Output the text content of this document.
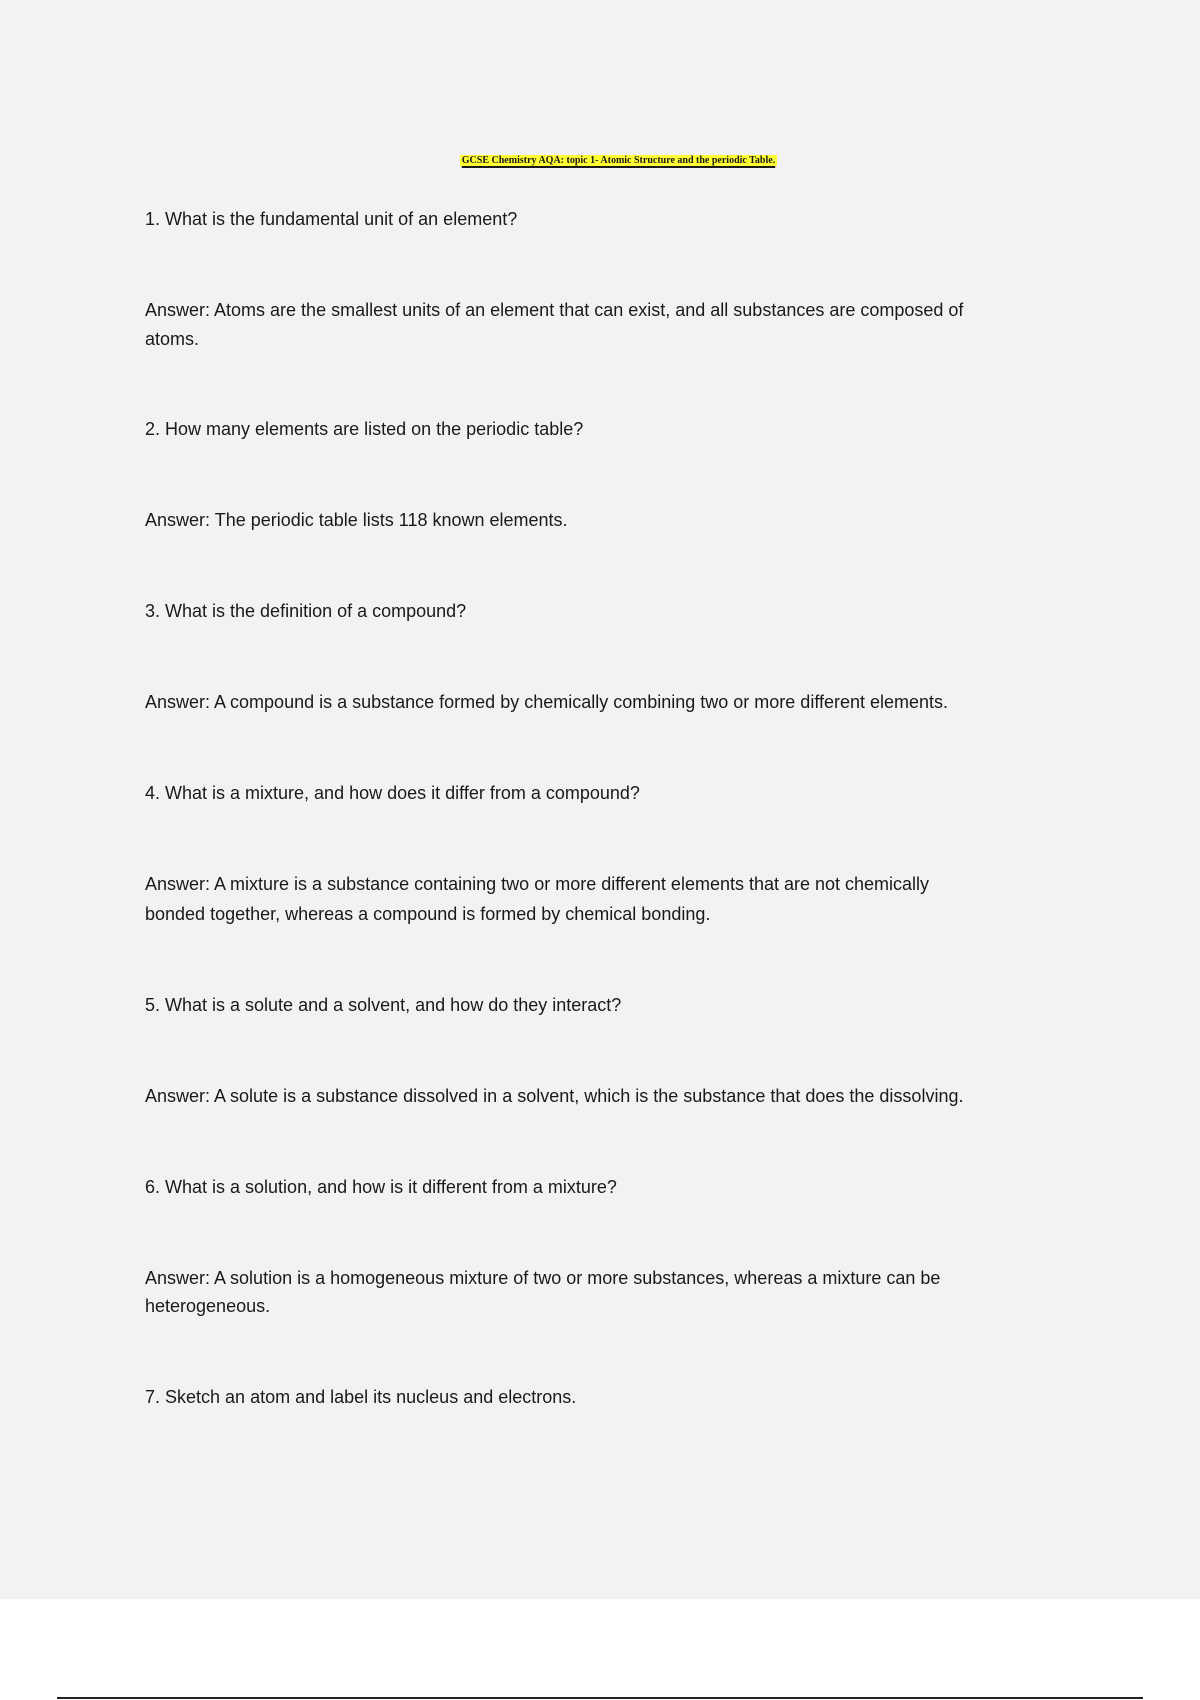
GCSE Chemistry AQA: topic 1- Atomic Structure and the periodic Table.
1. What is the fundamental unit of an element?
Answer: Atoms are the smallest units of an element that can exist, and all substances are composed of
atoms.
2. How many elements are listed on the periodic table?
Answer: The periodic table lists 118 known elements.
3. What is the definition of a compound?
Answer: A compound is a substance formed by chemically combining two or more different elements.
4. What is a mixture, and how does it differ from a compound?
Answer: A mixture is a substance containing two or more different elements that are not chemically
bonded together, whereas a compound is formed by chemical bonding.
5. What is a solute and a solvent, and how do they interact?
Answer: A solute is a substance dissolved in a solvent, which is the substance that does the dissolving.
6. What is a solution, and how is it different from a mixture?
Answer: A solution is a homogeneous mixture of two or more substances, whereas a mixture can be
heterogeneous.
7. Sketch an atom and label its nucleus and electrons.
